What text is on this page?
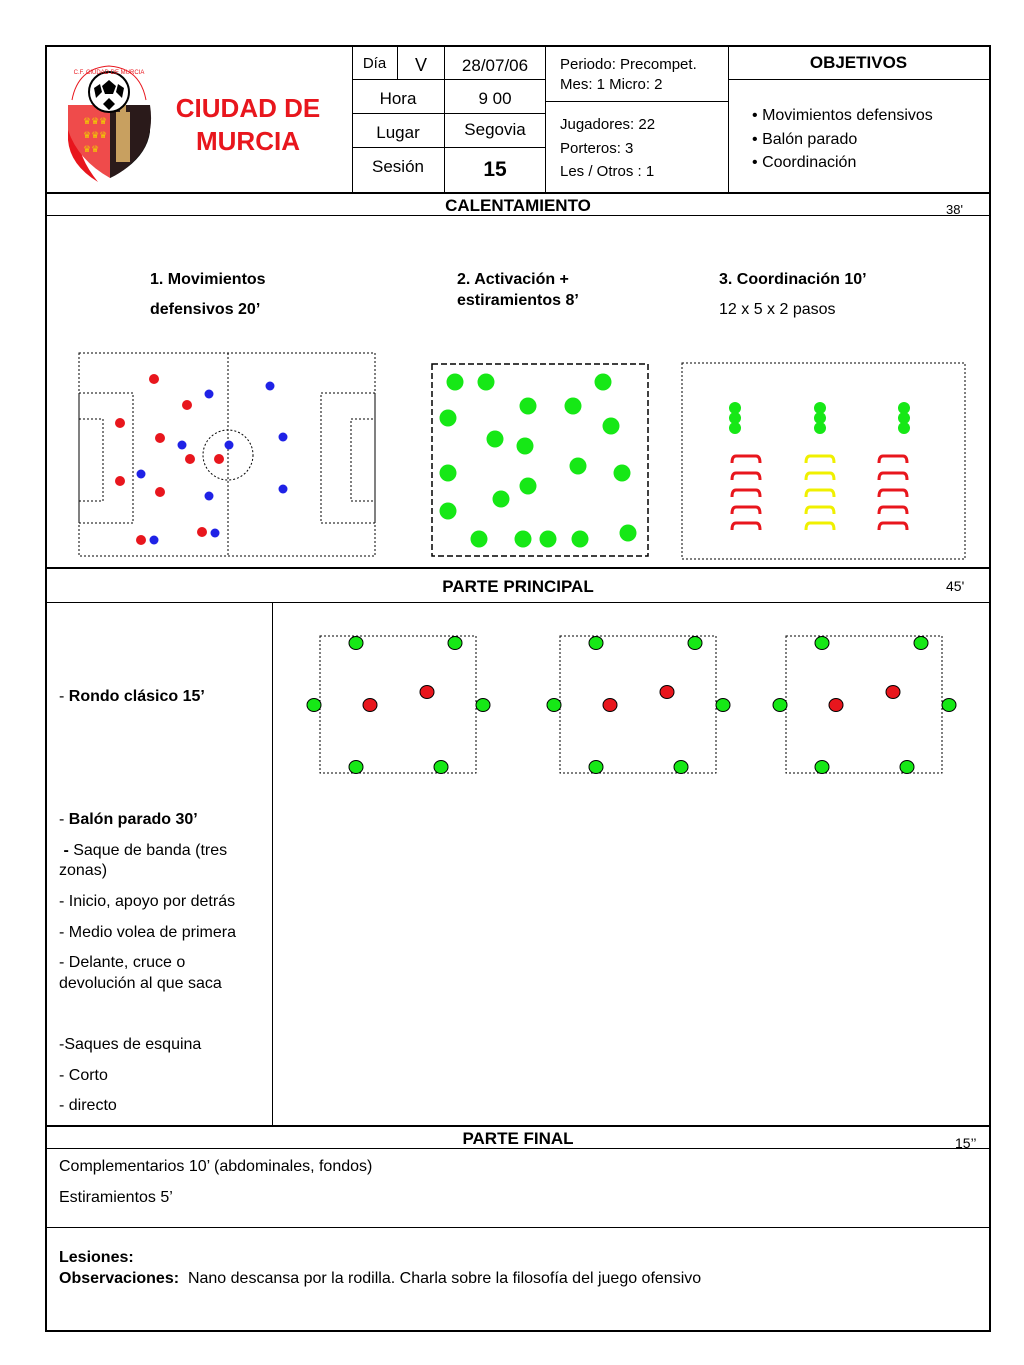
♛♛♛
♛♛♛
♛♛
C.F. CIUDAD DE MURCIA
CIUDAD DE
MURCIA
Día	V	28/07/06
Hora	9 00
Lugar	Segovia
Sesión	15
Periodo: Precompet.
Mes: 1 Micro: 2
Jugadores: 22
Porteros: 3
Les / Otros : 1
OBJETIVOS
• Movimientos defensivos
• Balón parado
• Coordinación
CALENTAMIENTO	38'
1. Movimientos
defensivos 20’
2. Activación +
estiramientos 8’
3. Coordinación 10’
12 x 5 x 2 pasos
PARTE PRINCIPAL	45'
- Rondo clásico 15’
- Balón parado 30’
- Saque de banda (tres
zonas)
- Inicio, apoyo por detrás
- Medio volea de primera
- Delante, cruce o
devolución al que saca
-Saques de esquina
- Corto
- directo
PARTE FINAL	15’’
Complementarios 10’ (abdominales, fondos)
Estiramientos 5’
Lesiones:
Observaciones: Nano descansa por la rodilla. Charla sobre la filosofía del juego ofensivo
